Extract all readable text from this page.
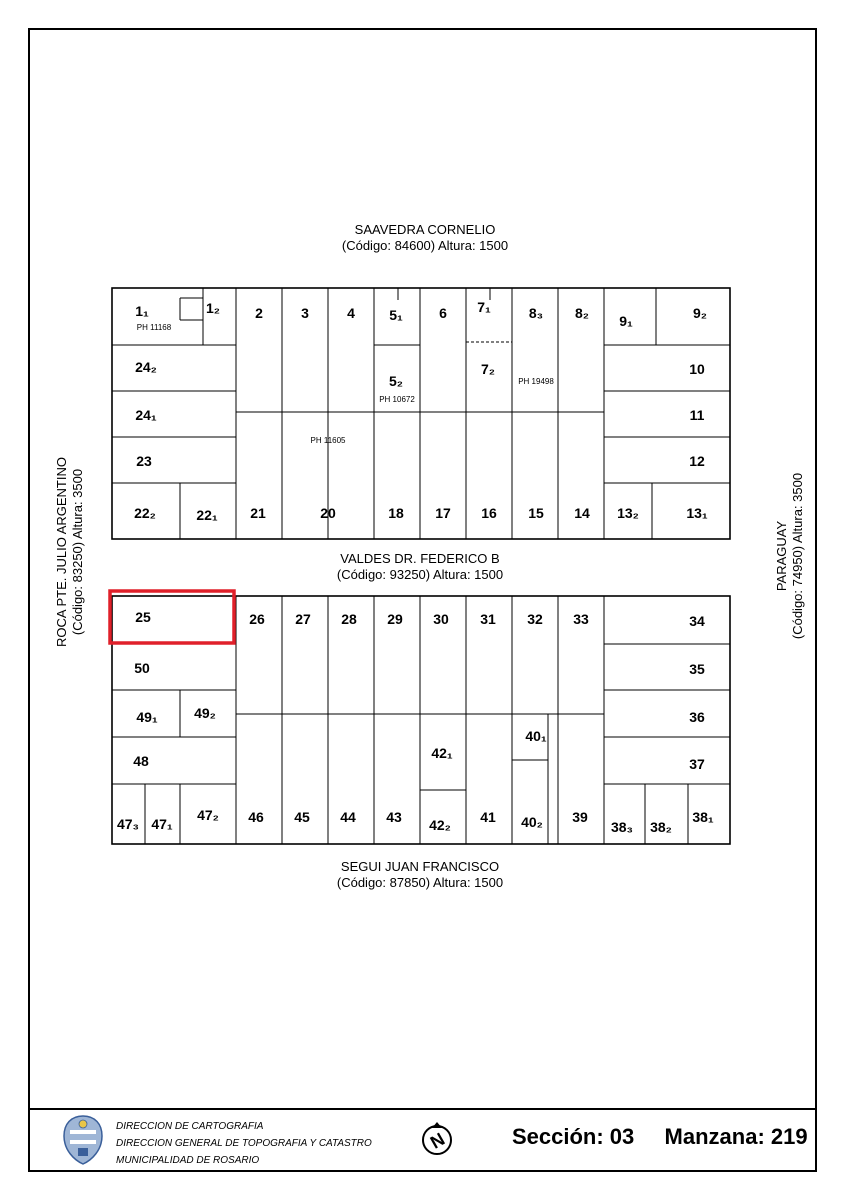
SAAVEDRA CORNELIO
(Código: 84600) Altura: 1500
VALDES DR. FEDERICO B
(Código: 93250) Altura: 1500
SEGUI JUAN FRANCISCO
(Código: 87850) Altura: 1500
ROCA PTE. JULIO ARGENTINO (Código: 83250) Altura: 3500	PARAGUAY (Código: 74950) Altura: 3500
1₁	1₂	2	3	4 5₁
5₂
6 7₁
7₂
8₃ 8₂ 9₁	9₂
10
11
12
13₁
13₂
14
15
16
17
18
20
21
22₁
22₂
23
24₁
24₂
25	26 27 28 29 30 31 32 33	34
35
36
37
38₁
38₂
38₃
39
40₁
40₂
41
42₁
42₂
43
44
45
46
47₁
47₂
47₃
48
49₁	49₂
50
PH 11168
PH 10672
PH 19498
PH 11605
DIRECCION DE CARTOGRAFIA
DIRECCION GENERAL DE TOPOGRAFIA Y CATASTRO
MUNICIPALIDAD DE ROSARIO
N	Sección: 03 Manzana: 219
